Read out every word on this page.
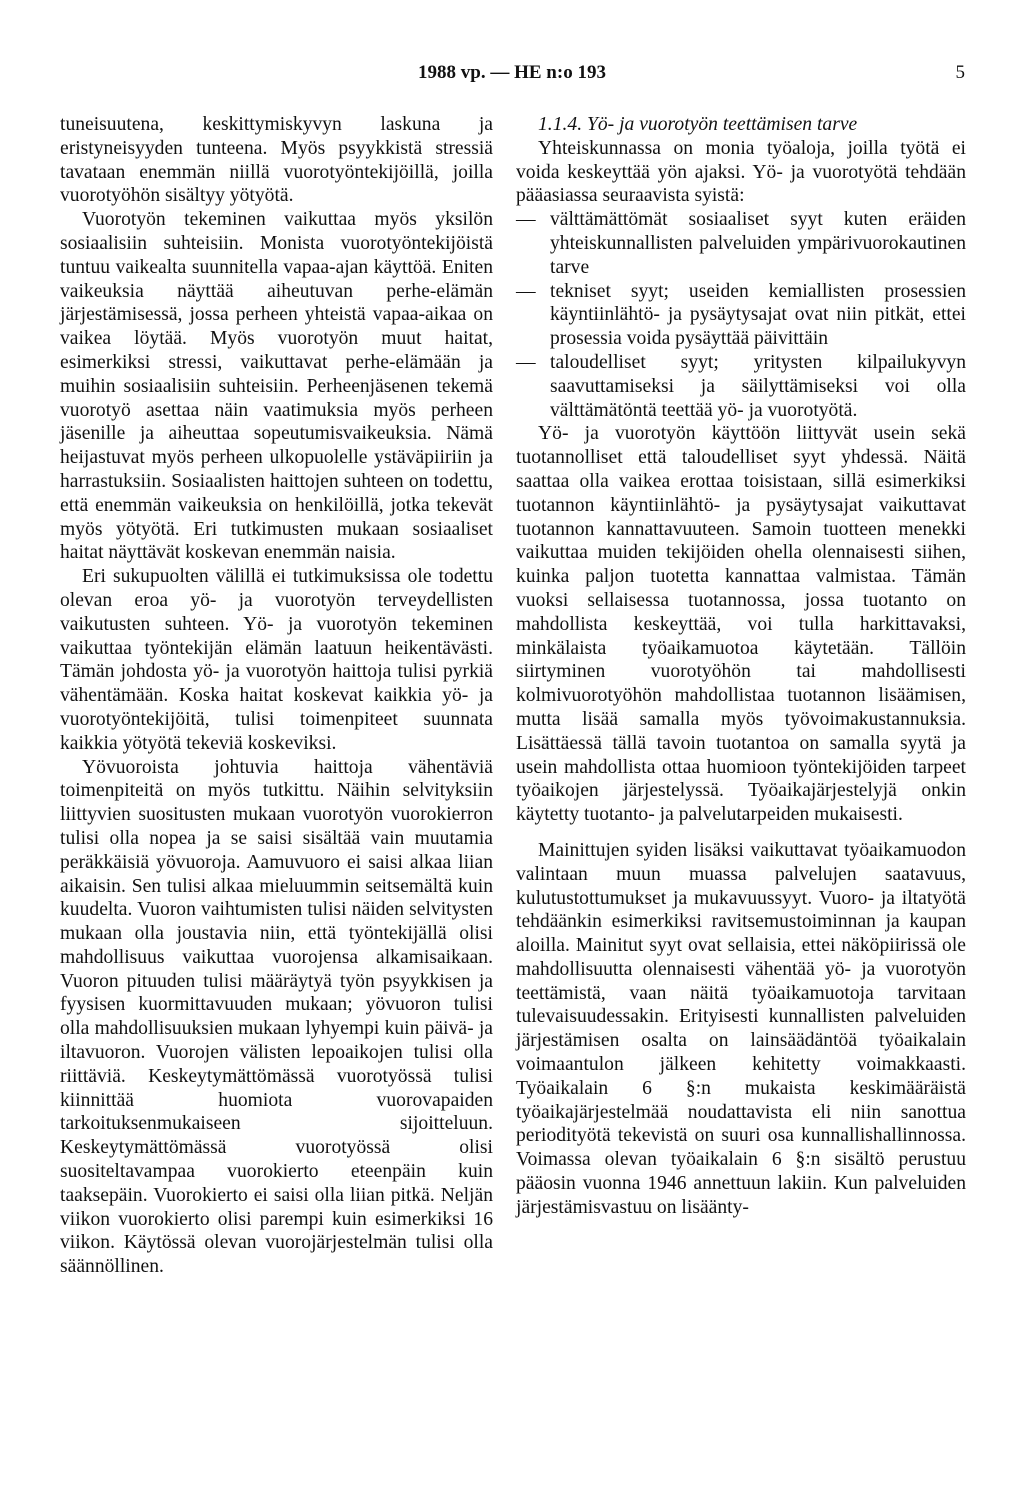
1988 vp. — HE n:o 193	5

tuneisuutena, keskittymiskyvyn laskuna ja eristyneisyyden tunteena. Myös psyykkistä stressiä tavataan enemmän niillä vuorotyöntekijöillä, joilla vuorotyöhön sisältyy yötyötä.

Vuorotyön tekeminen vaikuttaa myös yksilön sosiaalisiin suhteisiin. Monista vuorotyöntekijöistä tuntuu vaikealta suunnitella vapaa-ajan käyttöä. Eniten vaikeuksia näyttää aiheutuvan perhe-elämän järjestämisessä, jossa perheen yhteistä vapaa-aikaa on vaikea löytää. Myös vuorotyön muut haitat, esimerkiksi stressi, vaikuttavat perhe-elämään ja muihin sosiaalisiin suhteisiin. Perheenjäsenen tekemä vuorotyö asettaa näin vaatimuksia myös perheen jäsenille ja aiheuttaa sopeutumisvaikeuksia. Nämä heijastuvat myös perheen ulkopuolelle ystäväpiiriin ja harrastuksiin. Sosiaalisten haittojen suhteen on todettu, että enemmän vaikeuksia on henkilöillä, jotka tekevät myös yötyötä. Eri tutkimusten mukaan sosiaaliset haitat näyttävät koskevan enemmän naisia.

Eri sukupuolten välillä ei tutkimuksissa ole todettu olevan eroa yö- ja vuorotyön terveydellisten vaikutusten suhteen. Yö- ja vuorotyön tekeminen vaikuttaa työntekijän elämän laatuun heikentävästi. Tämän johdosta yö- ja vuorotyön haittoja tulisi pyrkiä vähentämään. Koska haitat koskevat kaikkia yö- ja vuorotyöntekijöitä, tulisi toimenpiteet suunnata kaikkia yötyötä tekeviä koskeviksi.

Yövuoroista johtuvia haittoja vähentäviä toimenpiteitä on myös tutkittu. Näihin selvityksiin liittyvien suositusten mukaan vuorotyön vuorokierron tulisi olla nopea ja se saisi sisältää vain muutamia peräkkäisiä yövuoroja. Aamuvuoro ei saisi alkaa liian aikaisin. Sen tulisi alkaa mieluummin seitsemältä kuin kuudelta. Vuoron vaihtumisten tulisi näiden selvitysten mukaan olla joustavia niin, että työntekijällä olisi mahdollisuus vaikuttaa vuorojensa alkamisaikaan. Vuoron pituuden tulisi määräytyä työn psyykkisen ja fyysisen kuormittavuuden mukaan; yövuoron tulisi olla mahdollisuuksien mukaan lyhyempi kuin päivä- ja iltavuoron. Vuorojen välisten lepoaikojen tulisi olla riittäviä. Keskeytymättömässä vuorotyössä tulisi kiinnittää huomiota vuorovapaiden tarkoituksenmukaiseen sijoitteluun. Keskeytymättömässä vuorotyössä olisi suositeltavampaa vuorokierto eteenpäin kuin taaksepäin. Vuorokierto ei saisi olla liian pitkä. Neljän viikon vuorokierto olisi parempi kuin esimerkiksi 16 viikon. Käytössä olevan vuorojärjestelmän tulisi olla säännöllinen.

1.1.4. Yö- ja vuorotyön teettämisen tarve

Yhteiskunnassa on monia työaloja, joilla työtä ei voida keskeyttää yön ajaksi. Yö- ja vuorotyötä tehdään pääasiassa seuraavista syistä:

— välttämättömät sosiaaliset syyt kuten eräiden yhteiskunnallisten palveluiden ympärivuorokautinen tarve
— tekniset syyt; useiden kemiallisten prosessien käyntiinlähtö- ja pysäytysajat ovat niin pitkät, ettei prosessia voida pysäyttää päivittäin
— taloudelliset syyt; yritysten kilpailukyvyn saavuttamiseksi ja säilyttämiseksi voi olla välttämätöntä teettää yö- ja vuorotyötä.

Yö- ja vuorotyön käyttöön liittyvät usein sekä tuotannolliset että taloudelliset syyt yhdessä. Näitä saattaa olla vaikea erottaa toisistaan, sillä esimerkiksi tuotannon käyntiinlähtö- ja pysäytysajat vaikuttavat tuotannon kannattavuuteen. Samoin tuotteen menekki vaikuttaa muiden tekijöiden ohella olennaisesti siihen, kuinka paljon tuotetta kannattaa valmistaa. Tämän vuoksi sellaisessa tuotannossa, jossa tuotanto on mahdollista keskeyttää, voi tulla harkittavaksi, minkälaista työaikamuotoa käytetään. Tällöin siirtyminen vuorotyöhön tai mahdollisesti kolmivuorotyöhön mahdollistaa tuotannon lisäämisen, mutta lisää samalla myös työvoimakustannuksia. Lisättäessä tällä tavoin tuotantoa on samalla syytä ja usein mahdollista ottaa huomioon työntekijöiden tarpeet työaikojen järjestelyssä. Työaikajärjestelyjä onkin käytetty tuotanto- ja palvelutarpeiden mukaisesti.

Mainittujen syiden lisäksi vaikuttavat työaikamuodon valintaan muun muassa palvelujen saatavuus, kulutustottumukset ja mukavuussyyt. Vuoro- ja iltatyötä tehdäänkin esimerkiksi ravitsemustoiminnan ja kaupan aloilla. Mainitut syyt ovat sellaisia, ettei näköpiirissä ole mahdollisuutta olennaisesti vähentää yö- ja vuorotyön teettämistä, vaan näitä työaikamuotoja tarvitaan tulevaisuudessakin. Erityisesti kunnallisten palveluiden järjestämisen osalta on lainsäädäntöä työaikalain voimaantulon jälkeen kehitetty voimakkaasti. Työaikalain 6 §:n mukaista keskimääräistä työaikajärjestelmää noudattavista eli niin sanottua periodityötä tekevistä on suuri osa kunnallishallinnossa. Voimassa olevan työaikalain 6 §:n sisältö perustuu pääosin vuonna 1946 annettuun lakiin. Kun palveluiden järjestämisvastuu on lisäänty-
